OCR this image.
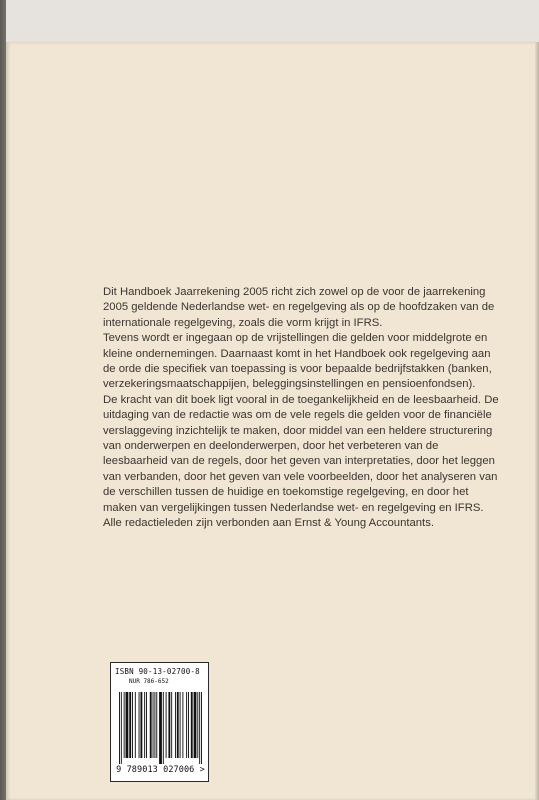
Dit Handboek Jaarrekening 2005 richt zich zowel op de voor de jaarrekening 2005 geldende Nederlandse wet- en regelgeving als op de hoofdzaken van de internationale regelgeving, zoals die vorm krijgt in IFRS.

Tevens wordt er ingegaan op de vrijstellingen die gelden voor middelgrote en kleine ondernemingen. Daarnaast komt in het Handboek ook regelgeving aan de orde die specifiek van toepassing is voor bepaalde bedrijfstakken (banken, verzekeringsmaatschappijen, beleggingsinstellingen en pensioenfondsen).

De kracht van dit boek ligt vooral in de toegankelijkheid en de leesbaarheid. De uitdaging van de redactie was om de vele regels die gelden voor de financiële verslaggeving inzichtelijk te maken, door middel van een heldere structurering van onderwerpen en deelonderwerpen, door het verbeteren van de leesbaarheid van de regels, door het geven van interpretaties, door het leggen van verbanden, door het geven van vele voorbeelden, door het analyseren van de verschillen tussen de huidige en toekomstige regelgeving, en door het maken van vergelijkingen tussen Nederlandse wet- en regelgeving en IFRS.

Alle redactieleden zijn verbonden aan Ernst & Young Accountants.

ISBN 90-13-02700-8
NUR 786-652
9 789013 027006 >
